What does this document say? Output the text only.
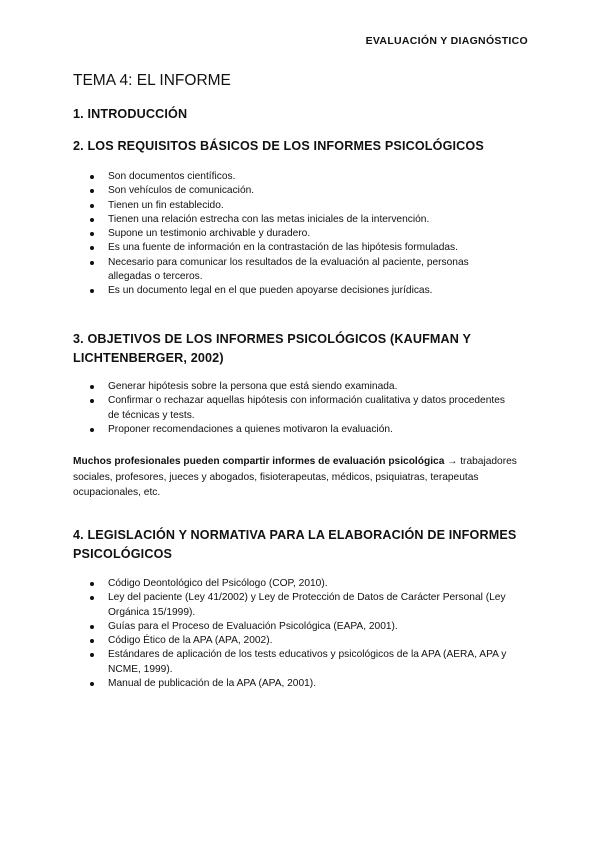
EVALUACIÓN Y DIAGNÓSTICO
TEMA 4: EL INFORME
1. INTRODUCCIÓN
2. LOS REQUISITOS BÁSICOS DE LOS INFORMES PSICOLÓGICOS
Son documentos científicos.
Son vehículos de comunicación.
Tienen un fin establecido.
Tienen una relación estrecha con las metas iniciales de la intervención.
Supone un testimonio archivable y duradero.
Es una fuente de información en la contrastación de las hipótesis formuladas.
Necesario para comunicar los resultados de la evaluación al paciente, personas allegadas o terceros.
Es un documento legal en el que pueden apoyarse decisiones jurídicas.
3. OBJETIVOS DE LOS INFORMES PSICOLÓGICOS (KAUFMAN Y LICHTENBERGER, 2002)
Generar hipótesis sobre la persona que está siendo examinada.
Confirmar o rechazar aquellas hipótesis con información cualitativa y datos procedentes de técnicas y tests.
Proponer recomendaciones a quienes motivaron la evaluación.

Muchos profesionales pueden compartir informes de evaluación psicológica → trabajadores sociales, profesores, jueces y abogados, fisioterapeutas, médicos, psiquiatras, terapeutas ocupacionales, etc.

4. LEGISLACIÓN Y NORMATIVA PARA LA ELABORACIÓN DE INFORMES PSICOLÓGICOS
Código Deontológico del Psicólogo (COP, 2010).
Ley del paciente (Ley 41/2002) y Ley de Protección de Datos de Carácter Personal (Ley Orgánica 15/1999).
Guías para el Proceso de Evaluación Psicológica (EAPA, 2001).
Código Ético de la APA (APA, 2002).
Estándares de aplicación de los tests educativos y psicológicos de la APA (AERA, APA y NCME, 1999).
Manual de publicación de la APA (APA, 2001).
